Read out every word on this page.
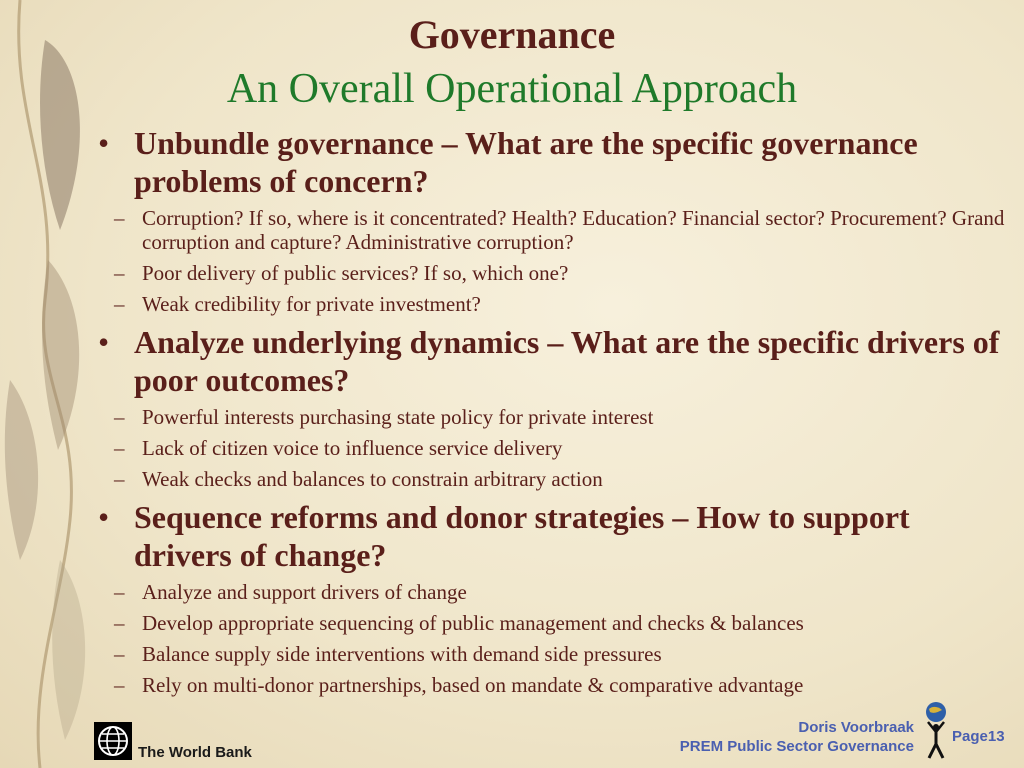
Governance
An Overall Operational Approach
• Unbundle governance – What are the specific governance problems of concern?
– Corruption? If so, where is it concentrated? Health? Education? Financial sector? Procurement? Grand corruption and capture? Administrative corruption?
– Poor delivery of public services? If so, which one?
– Weak credibility for private investment?
• Analyze underlying dynamics – What are the specific drivers of poor outcomes?
– Powerful interests purchasing state policy for private interest
– Lack of citizen voice to influence service delivery
– Weak checks and balances to constrain arbitrary action
• Sequence reforms and donor strategies – How to support drivers of change?
– Analyze and support drivers of change
– Develop appropriate sequencing of public management and checks & balances
– Balance supply side interventions with demand side pressures
– Rely on multi-donor partnerships, based on mandate & comparative advantage
The World Bank
Doris Voorbraak
PREM Public Sector Governance
Page13
